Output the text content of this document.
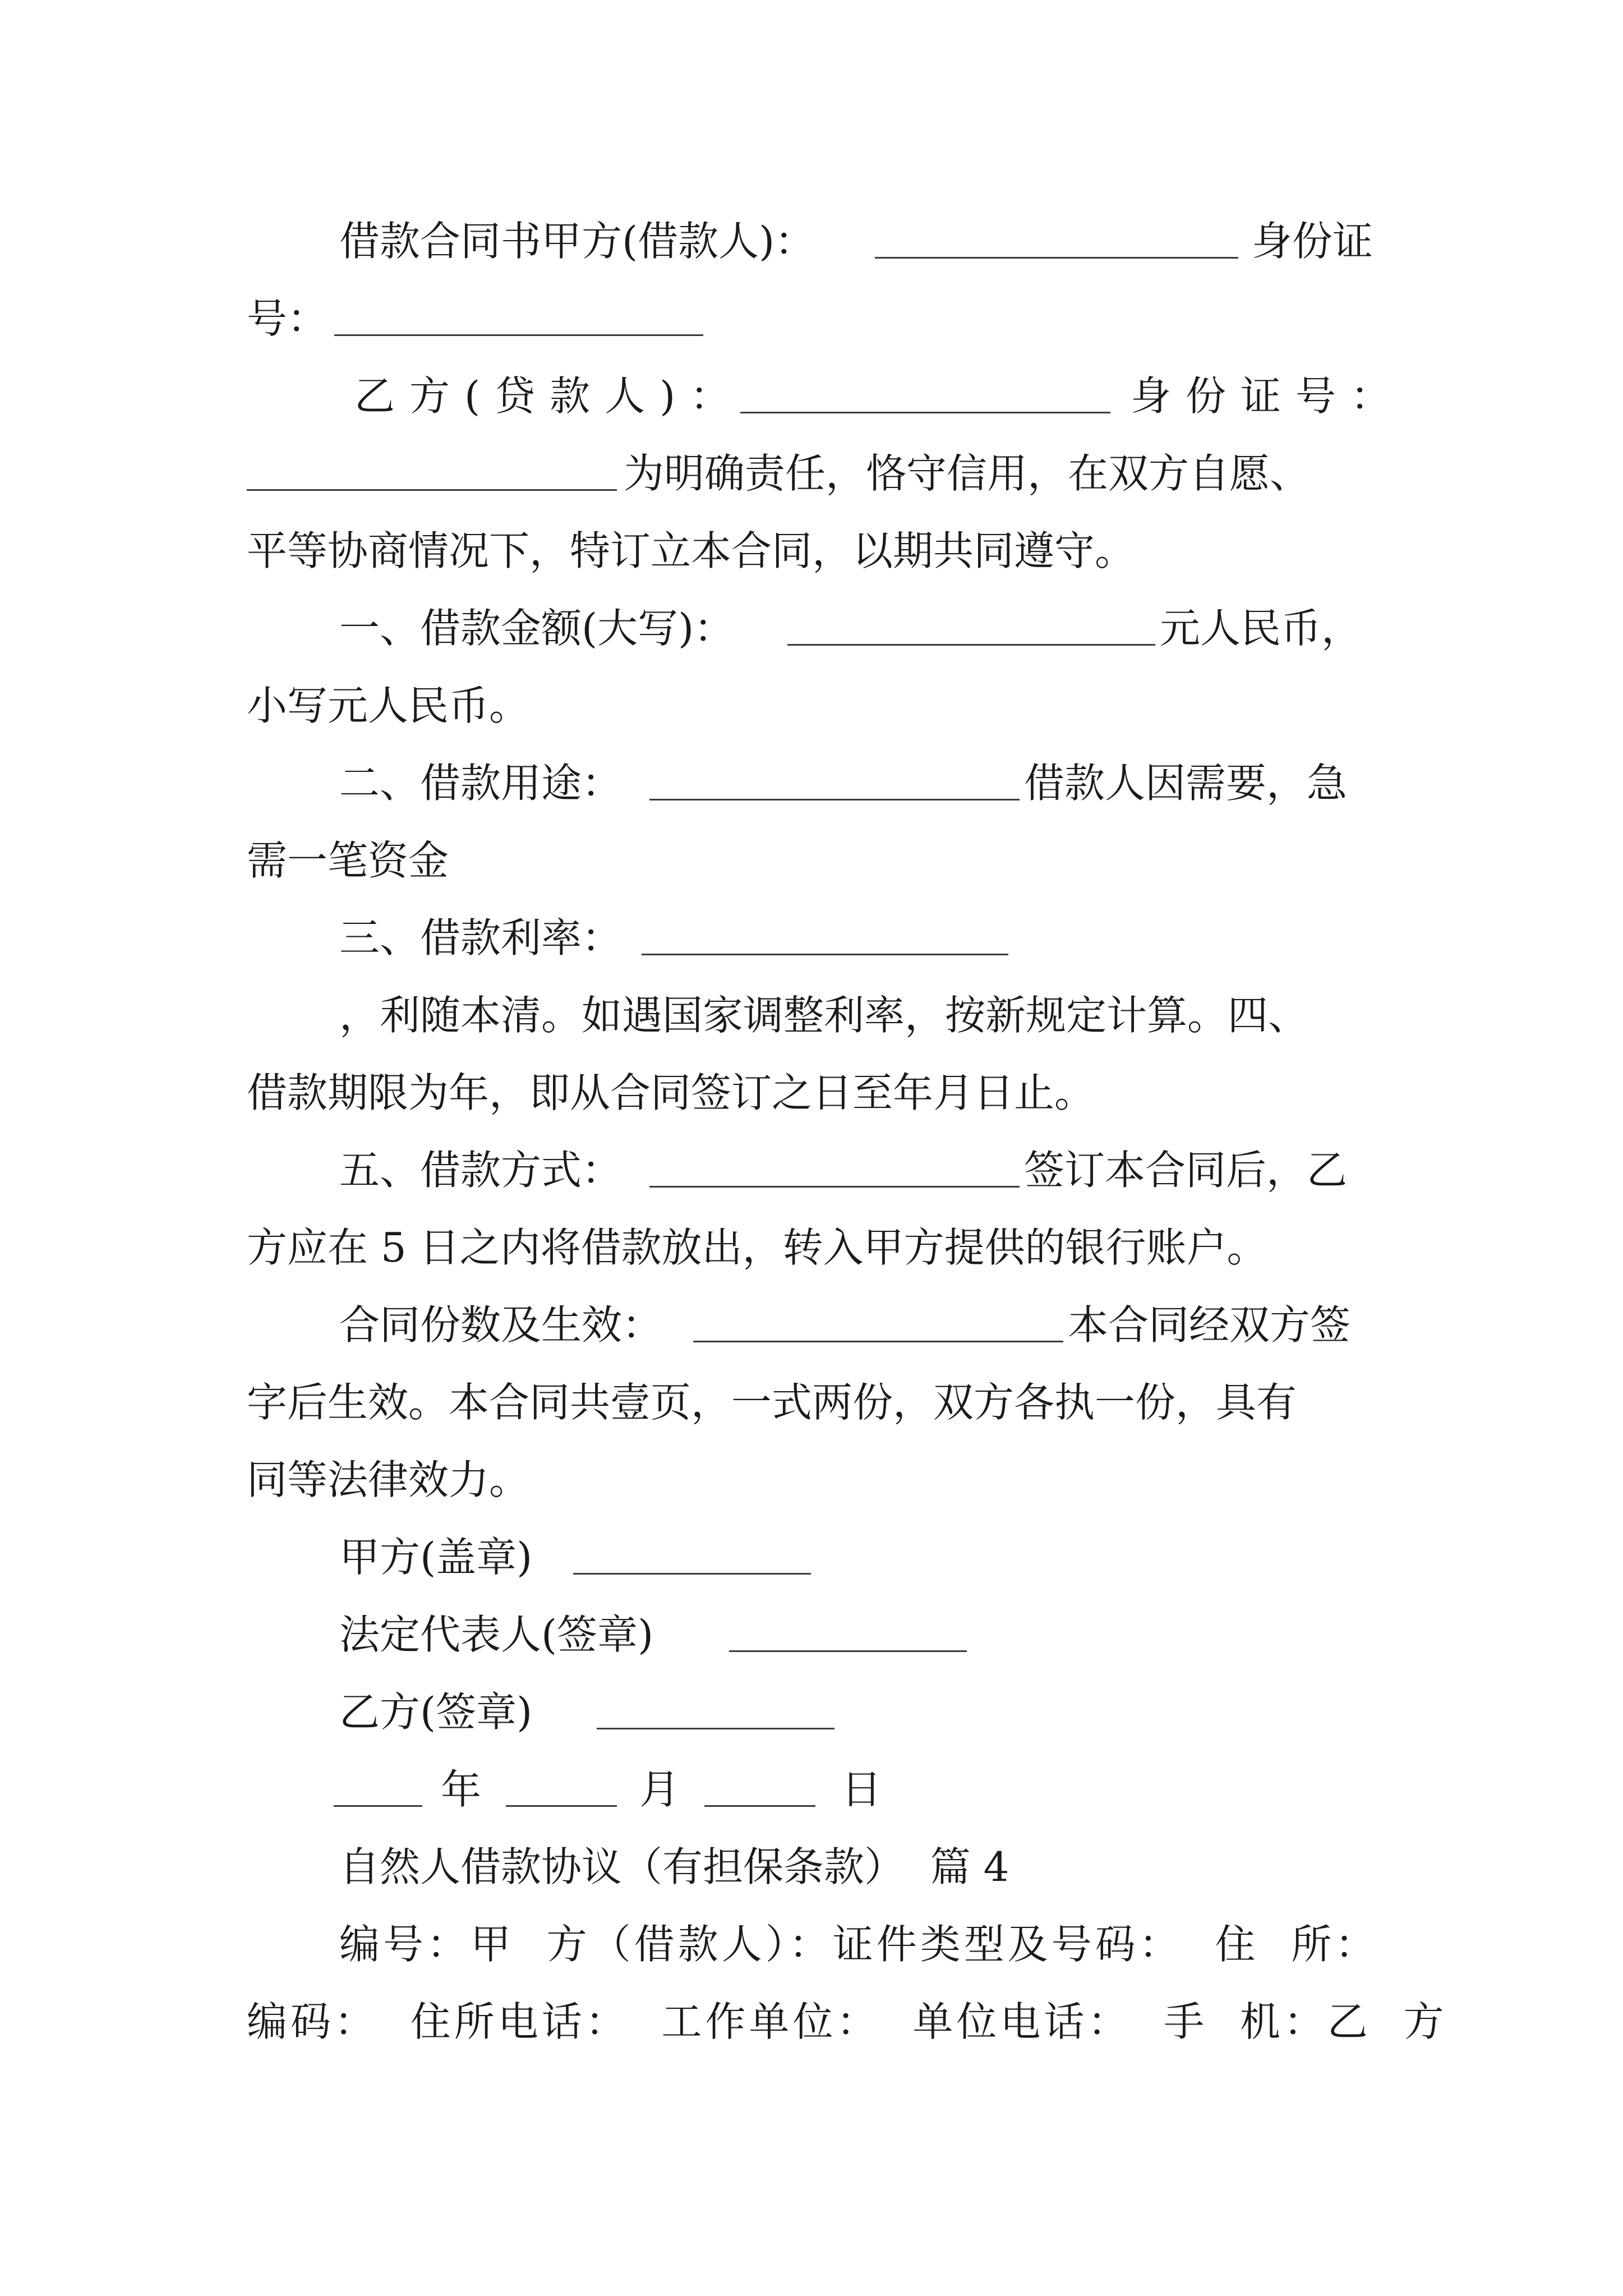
借款合同书甲方(借款人)：	身份证
号：
乙方(贷款人)：	身份证号：
为明确责任，恪守信用，在双方自愿、
平等协商情况下，特订立本合同，以期共同遵守。
一、借款金额(大写)：	元人民币，
小写元人民币。
二、借款用途：	借款人因需要，急
需一笔资金
三、借款利率：
，利随本清。如遇国家调整利率，按新规定计算。四、
借款期限为年，即从合同签订之日至年月日止。
五、借款方式：	签订本合同后，乙
方应在 5 日之内将借款放出，转入甲方提供的银行账户。
合同份数及生效：	本合同经双方签
字后生效。本合同共壹页，一式两份，双方各执一份，具有
同等法律效力。
甲方(盖章)
法定代表人(签章)
乙方(签章)
年	月	日
自然人借款协议（有担保条款）  篇 4
编号：甲  方（借款人）：证件类型及号码：  住  所：
编码：  住所电话：  工作单位：  单位电话：  手  机：乙  方
